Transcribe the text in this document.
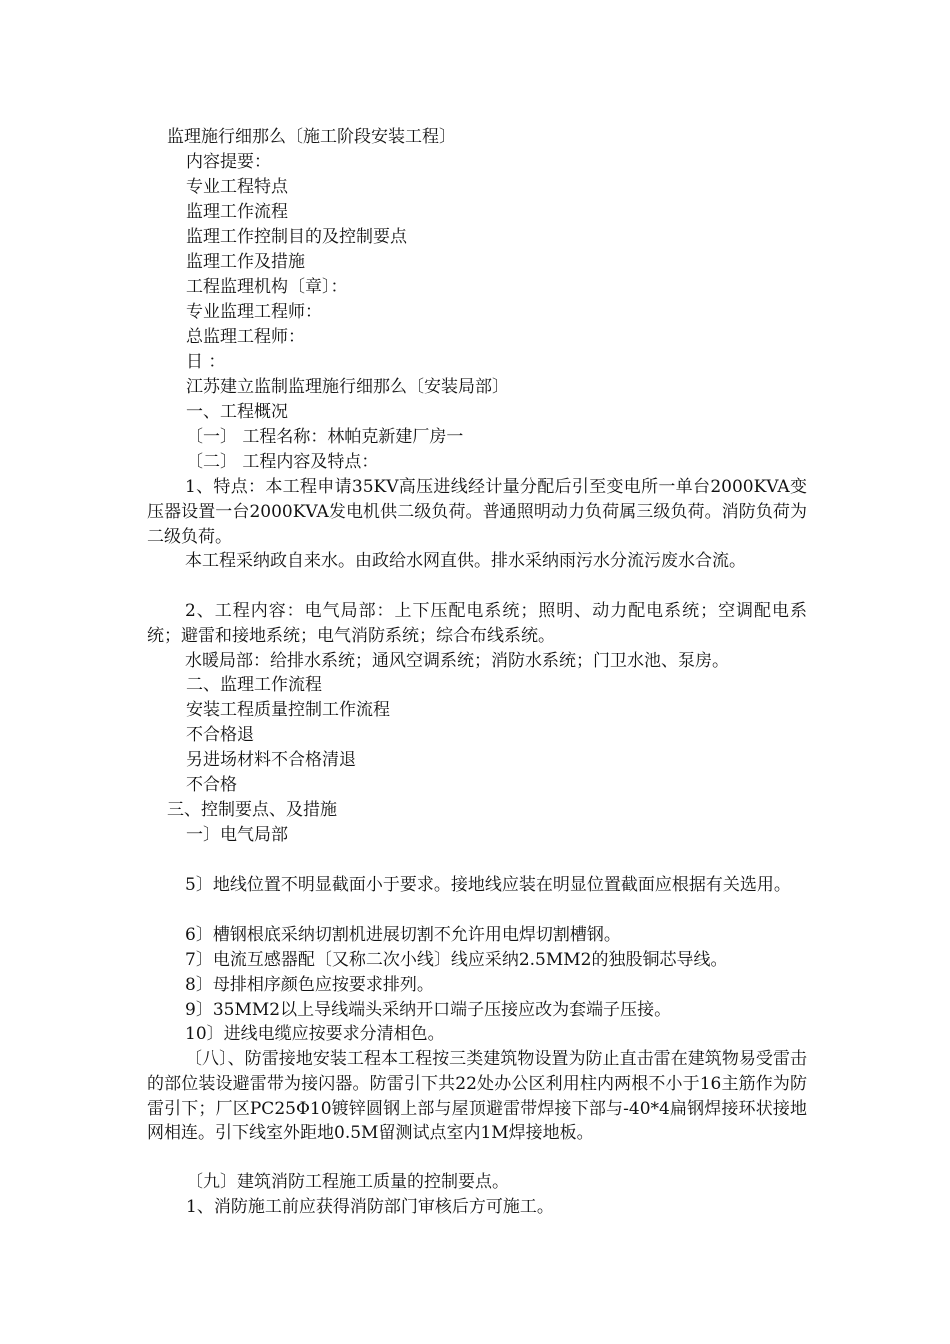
监理施行细那么〔施工阶段安装工程〕
内容提要：
专业工程特点
监理工作流程
监理工作控制目的及控制要点
监理工作及措施
工程监理机构〔章〕：
专业监理工程师：
总监理工程师：
日 ：
江苏建立监制监理施行细那么〔安装局部〕
一、工程概况
〔一〕 工程名称：林帕克新建厂房一
〔二〕 工程内容及特点：
1、特点：本工程申请35KV高压进线经计量分配后引至变电所一单台2000KVA变压器设置一台2000KVA发电机供二级负荷。普通照明动力负荷属三级负荷。消防负荷为二级负荷。
本工程采纳政自来水。由政给水网直供。排水采纳雨污水分流污废水合流。
2、工程内容：电气局部：上下压配电系统；照明、动力配电系统；空调配电系统；避雷和接地系统；电气消防系统；综合布线系统。
水暖局部：给排水系统；通风空调系统；消防水系统；门卫水池、泵房。
二、监理工作流程
安装工程质量控制工作流程
不合格退
另进场材料不合格清退
不合格
三、控制要点、及措施
一〕电气局部
5〕地线位置不明显截面小于要求。接地线应装在明显位置截面应根据有关选用。
6〕槽钢根底采纳切割机进展切割不允许用电焊切割槽钢。
7〕电流互感器配〔又称二次小线〕线应采纳2.5MM2的独股铜芯导线。
8〕母排相序颜色应按要求排列。
9〕35MM2以上导线端头采纳开口端子压接应改为套端子压接。
10〕进线电缆应按要求分清相色。
〔八〕、防雷接地安装工程本工程按三类建筑物设置为防止直击雷在建筑物易受雷击的部位装设避雷带为接闪器。防雷引下共22处办公区利用柱内两根不小于16主筋作为防雷引下；厂区PC25Φ10镀锌圆钢上部与屋顶避雷带焊接下部与-40*4扁钢焊接环状接地网相连。引下线室外距地0.5M留测试点室内1M焊接地板。
〔九〕建筑消防工程施工质量的控制要点。
1、消防施工前应获得消防部门审核后方可施工。
